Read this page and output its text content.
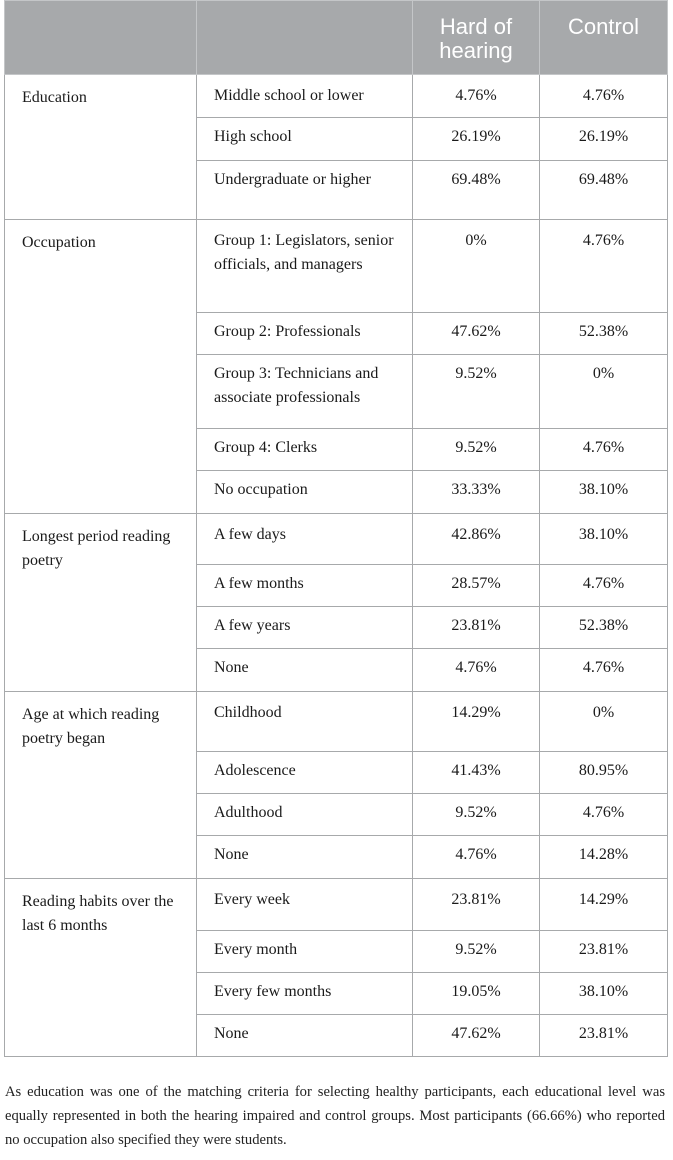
		Hard of hearing	Control
Education	Middle school or lower	4.76%	4.76%
	High school	26.19%	26.19%
	Undergraduate or higher	69.48%	69.48%
Occupation	Group 1: Legislators, senior officials, and managers	0%	4.76%
	Group 2: Professionals	47.62%	52.38%
	Group 3: Technicians and associate professionals	9.52%	0%
	Group 4: Clerks	9.52%	4.76%
	No occupation	33.33%	38.10%
Longest period reading poetry	A few days	42.86%	38.10%
	A few months	28.57%	4.76%
	A few years	23.81%	52.38%
	None	4.76%	4.76%
Age at which reading poetry began	Childhood	14.29%	0%
	Adolescence	41.43%	80.95%
	Adulthood	9.52%	4.76%
	None	4.76%	14.28%
Reading habits over the last 6 months	Every week	23.81%	14.29%
	Every month	9.52%	23.81%
	Every few months	19.05%	38.10%
	None	47.62%	23.81%
As education was one of the matching criteria for selecting healthy participants, each educational level was equally represented in both the hearing impaired and control groups. Most participants (66.66%) who reported no occupation also specified they were students.
